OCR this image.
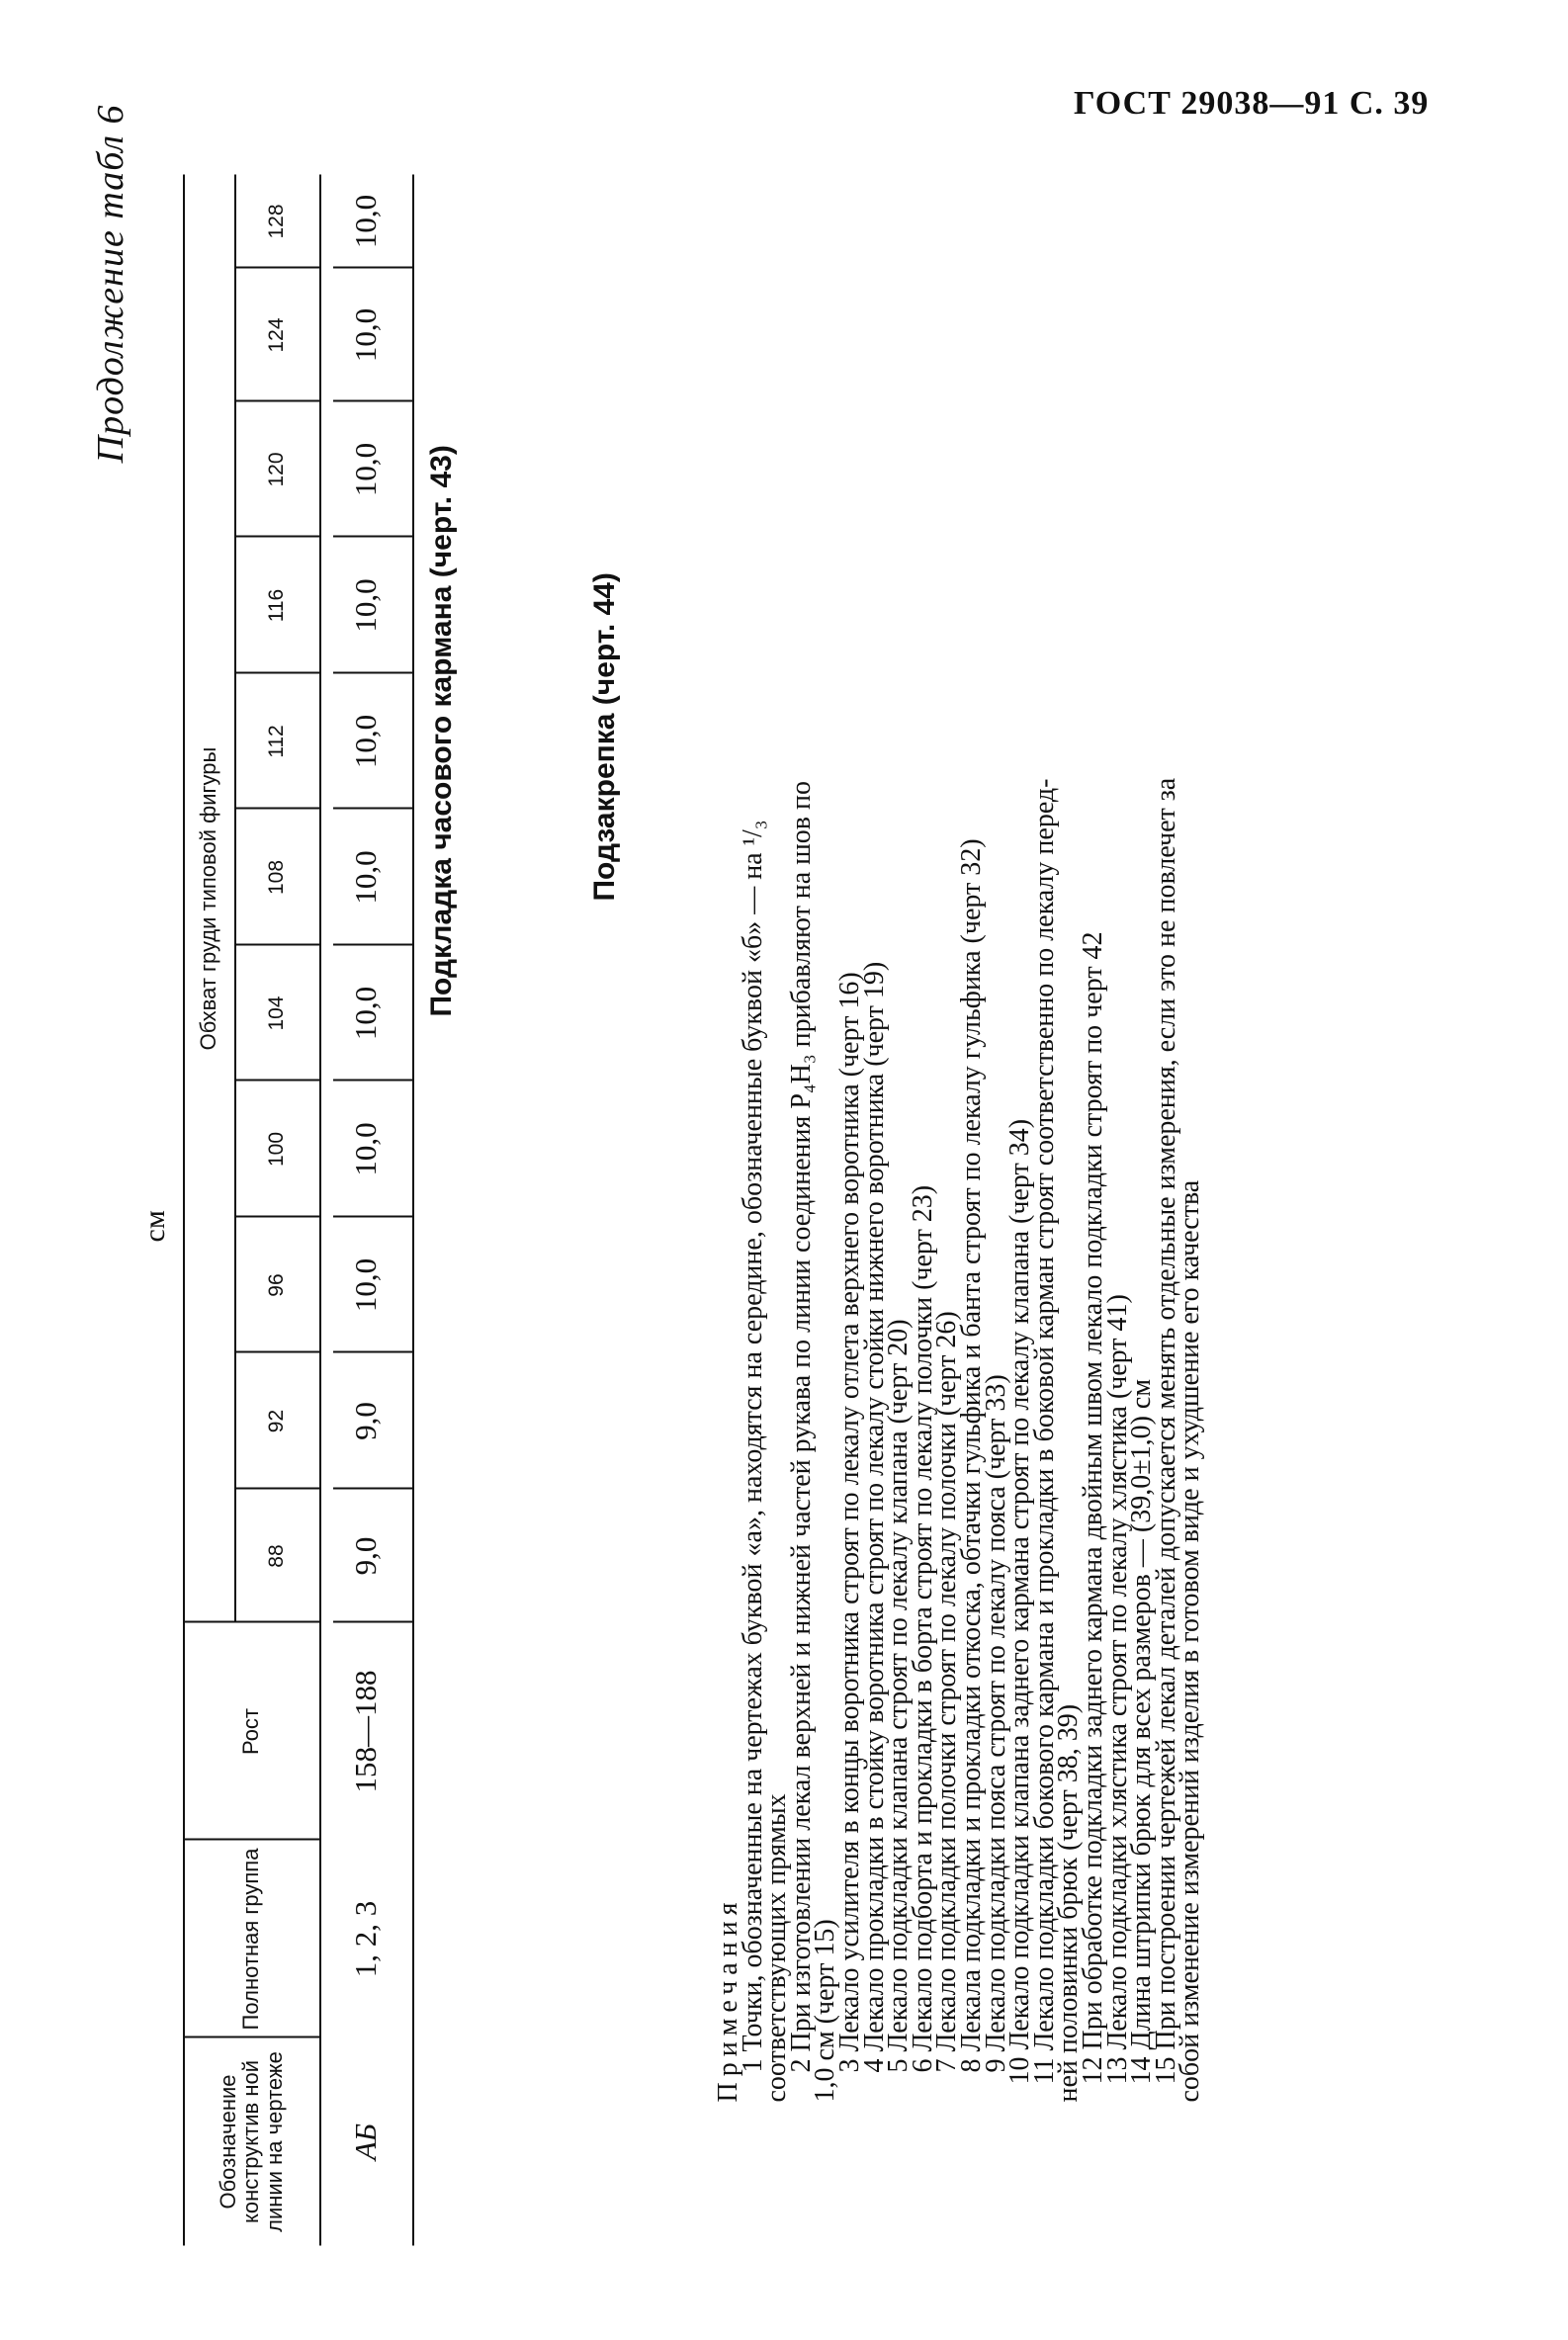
ГОСТ 29038—91 С. 39
Продолжение табл 6
см
Обозначение конструктив ной линии на чертеже
Полнотная группа
Рост
Обхват груди типовой фигуры
88
92
96
100
104
108
112
116
120
124
128
АБ
1, 2, 3
158—188
9,0
9,0
10,0
10,0
10,0
10,0
10,0
10,0
10,0
10,0
10,0
Подкладка часового кармана (черт. 43)	Подзакрепка (черт. 44)
Примечания
1 Точки, обозначенные на чертежах буквой «а», находятся на середине, обозначенные буквой «б» — на ¹/₃
соответствующих прямых
2 При изготовлении лекал верхней и нижней частей рукава по линии соединения Р₄Н₃ прибавляют на шов по
1,0 см (черт 15)
3 Лекало усилителя в концы воротника строят по лекалу отлета верхнего воротника (черт 16)
4 Лекало прокладки в стойку воротника строят по лекалу стойки нижнего воротника (черт 19)
5 Лекало подкладки клапана строят по лекалу клапана (черт 20)
6 Лекало подборта и прокладки в борта строят по лекалу полочки (черт 23)
7 Лекало подкладки полочки строят по лекалу полочки (черт 26)
8 Лекала подкладки и прокладки откоска, обтачки гульфика и банта строят по лекалу гульфика (черт 32)
9 Лекало подкладки пояса строят по лекалу пояса (черт 33)
10 Лекало подкладки клапана заднего кармана строят по лекалу клапана (черт 34)
11 Лекало подкладки бокового кармана и прокладки в боковой карман строят соответственно по лекалу перед-
ней половинки брюк (черт 38, 39)
12 При обработке подкладки заднего кармана двойным швом лекало подкладки строят по черт 42
13 Лекало подкладки хлястика строят по лекалу хлястика (черт 41)
14 Длина штрипки брюк для всех размеров — (39,0±1,0) см
15 При построении чертежей лекал деталей допускается менять отдельные измерения, если это не повлечет за
собой изменение измерений изделия в готовом виде и ухудшение его качества
